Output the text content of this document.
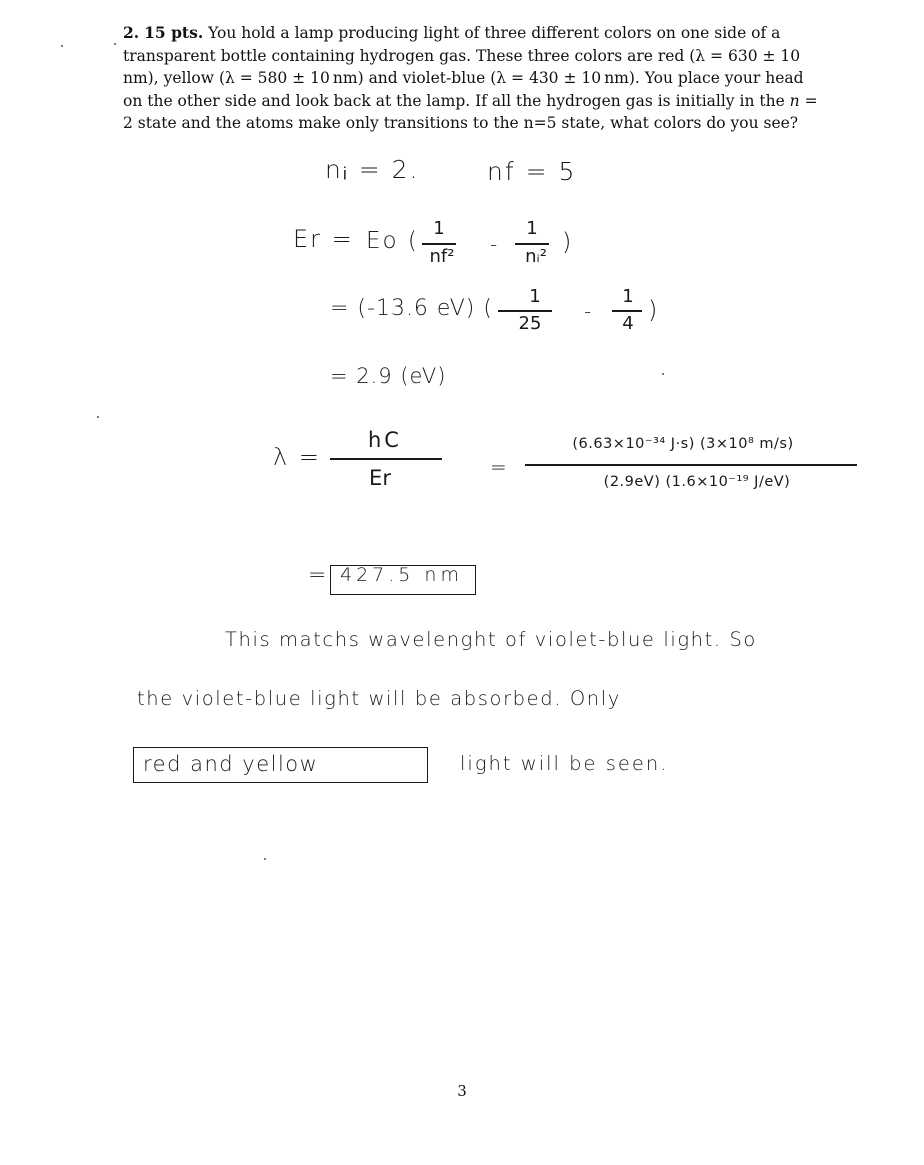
2. 15 pts. You hold a lamp producing light of three different colors on one side of a transparent bottle containing hydrogen gas. These three colors are red (λ = 630 ± 10 nm), yellow (λ = 580 ± 10 nm) and violet-blue (λ = 430 ± 10 nm). You place your head on the other side and look back at the lamp. If all the hydrogen gas is initially in the n = 2 state and the atoms make only transitions to the n=5 state, what colors do you see?
nᵢ = 2.	nf = 5
Er = Eo ( 1
nf²
-
1
nᵢ²
)
= (-13.6 eV) (	1
25
-
1
4 )
= 2.9 (eV)
λ =
hC
Er	=
(6.63×10⁻³⁴ J·s) (3×10⁸ m/s)
(2.9eV) (1.6×10⁻¹⁹ J/eV)
= 427.5 nm
This matchs wavelenght of violet-blue light. So
the violet-blue light will be absorbed. Only
red and yellow	light will be seen.
3
